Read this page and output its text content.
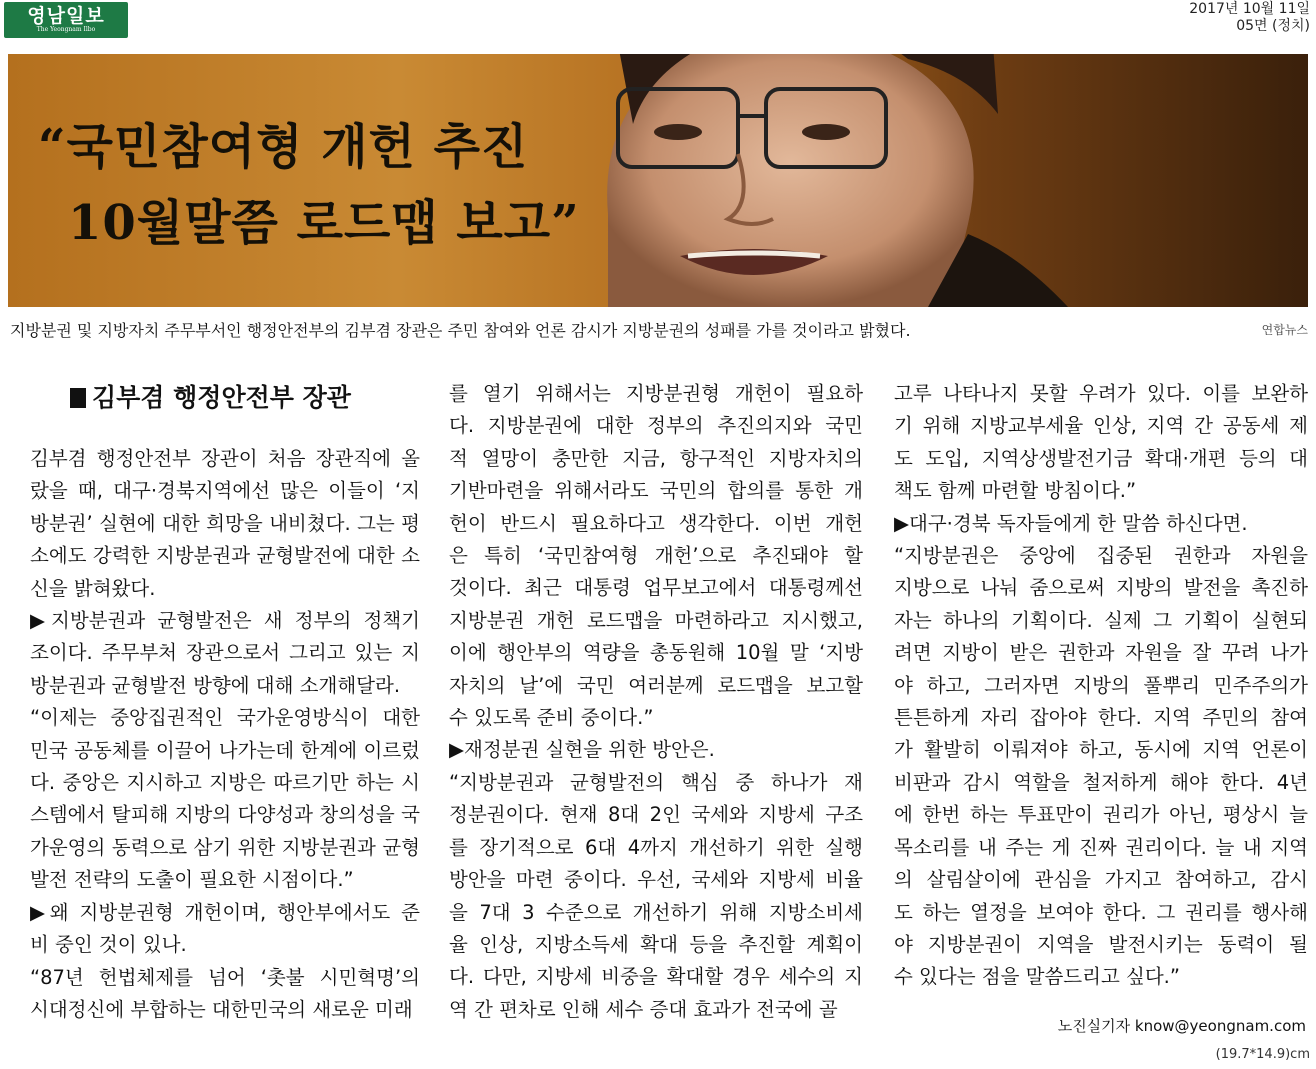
영남일보
The Yeongnam Ilbo
2017년 10월 11일
05면 (정치)
“국민참여형 개헌 추진
10월말쯤 로드맵 보고”
지방분권 및 지방자치 주무부서인 행정안전부의 김부겸 장관은 주민 참여와 언론 감시가 지방분권의 성패를 가를 것이라고 밝혔다.	연합뉴스
김부겸 행정안전부 장관

김부겸 행정안전부 장관이 처음 장관직에 올

랐을 때, 대구·경북지역에선 많은 이들이 ‘지

방분권’ 실현에 대한 희망을 내비쳤다. 그는 평

소에도 강력한 지방분권과 균형발전에 대한 소

신을 밝혀왔다.

▶지방분권과 균형발전은 새 정부의 정책기

조이다. 주무부처 장관으로서 그리고 있는 지

방분권과 균형발전 방향에 대해 소개해달라.

“이제는 중앙집권적인 국가운영방식이 대한

민국 공동체를 이끌어 나가는데 한계에 이르렀

다. 중앙은 지시하고 지방은 따르기만 하는 시

스템에서 탈피해 지방의 다양성과 창의성을 국

가운영의 동력으로 삼기 위한 지방분권과 균형

발전 전략의 도출이 필요한 시점이다.”

▶왜 지방분권형 개헌이며, 행안부에서도 준

비 중인 것이 있나.

“87년 헌법체제를 넘어 ‘촛불 시민혁명’의

시대정신에 부합하는 대한민국의 새로운 미래

를 열기 위해서는 지방분권형 개헌이 필요하

다. 지방분권에 대한 정부의 추진의지와 국민

적 열망이 충만한 지금, 항구적인 지방자치의

기반마련을 위해서라도 국민의 합의를 통한 개

헌이 반드시 필요하다고 생각한다. 이번 개헌

은 특히 ‘국민참여형 개헌’으로 추진돼야 할

것이다. 최근 대통령 업무보고에서 대통령께선

지방분권 개헌 로드맵을 마련하라고 지시했고,

이에 행안부의 역량을 총동원해 10월 말 ‘지방

자치의 날’에 국민 여러분께 로드맵을 보고할

수 있도록 준비 중이다.”

▶재정분권 실현을 위한 방안은.

“지방분권과 균형발전의 핵심 중 하나가 재

정분권이다. 현재 8대 2인 국세와 지방세 구조

를 장기적으로 6대 4까지 개선하기 위한 실행

방안을 마련 중이다. 우선, 국세와 지방세 비율

을 7대 3 수준으로 개선하기 위해 지방소비세

율 인상, 지방소득세 확대 등을 추진할 계획이

다. 다만, 지방세 비중을 확대할 경우 세수의 지

역 간 편차로 인해 세수 증대 효과가 전국에 골

고루 나타나지 못할 우려가 있다. 이를 보완하

기 위해 지방교부세율 인상, 지역 간 공동세 제

도 도입, 지역상생발전기금 확대·개편 등의 대

책도 함께 마련할 방침이다.”

▶대구·경북 독자들에게 한 말씀 하신다면.

“지방분권은 중앙에 집중된 권한과 자원을

지방으로 나눠 줌으로써 지방의 발전을 촉진하

자는 하나의 기획이다. 실제 그 기획이 실현되

려면 지방이 받은 권한과 자원을 잘 꾸려 나가

야 하고, 그러자면 지방의 풀뿌리 민주주의가

튼튼하게 자리 잡아야 한다. 지역 주민의 참여

가 활발히 이뤄져야 하고, 동시에 지역 언론이

비판과 감시 역할을 철저하게 해야 한다. 4년

에 한번 하는 투표만이 권리가 아닌, 평상시 늘

목소리를 내 주는 게 진짜 권리이다. 늘 내 지역

의 살림살이에 관심을 가지고 참여하고, 감시

도 하는 열정을 보여야 한다. 그 권리를 행사해

야 지방분권이 지역을 발전시키는 동력이 될

수 있다는 점을 말씀드리고 싶다.”

노진실기자 know@yeongnam.com
(19.7*14.9)cm
